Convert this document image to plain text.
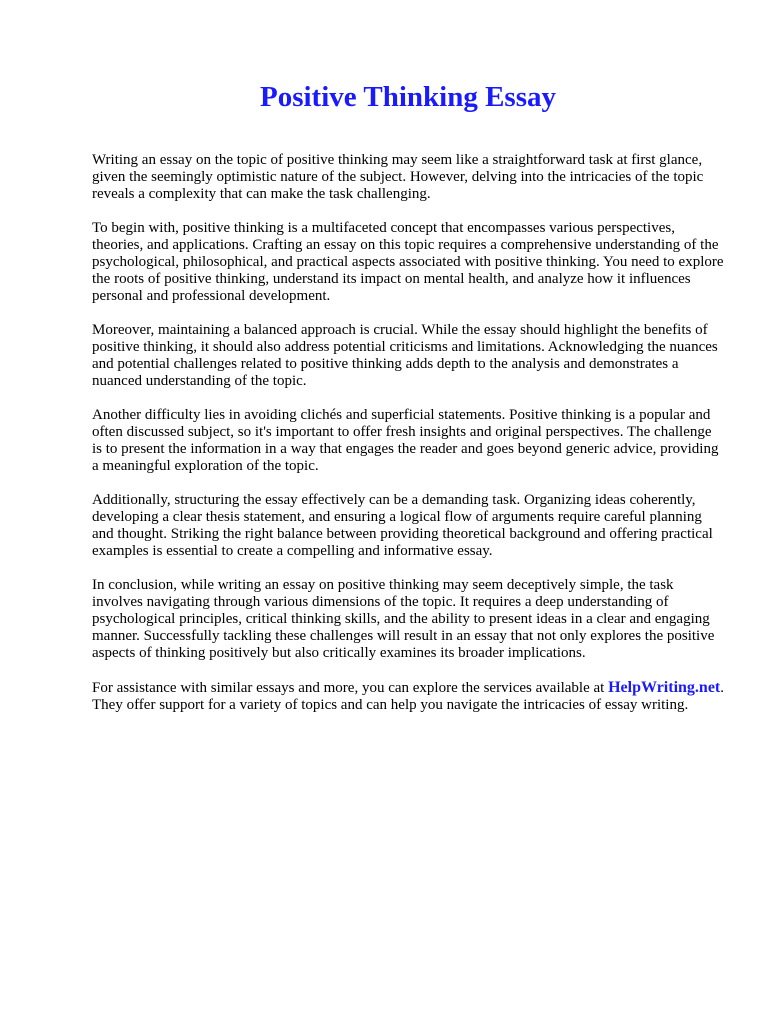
Positive Thinking Essay

Writing an essay on the topic of positive thinking may seem like a straightforward task at first glance, given the seemingly optimistic nature of the subject. However, delving into the intricacies of the topic reveals a complexity that can make the task challenging.

To begin with, positive thinking is a multifaceted concept that encompasses various perspectives, theories, and applications. Crafting an essay on this topic requires a comprehensive understanding of the psychological, philosophical, and practical aspects associated with positive thinking. You need to explore the roots of positive thinking, understand its impact on mental health, and analyze how it influences personal and professional development.

Moreover, maintaining a balanced approach is crucial. While the essay should highlight the benefits of positive thinking, it should also address potential criticisms and limitations. Acknowledging the nuances and potential challenges related to positive thinking adds depth to the analysis and demonstrates a nuanced understanding of the topic.

Another difficulty lies in avoiding clichés and superficial statements. Positive thinking is a popular and often discussed subject, so it's important to offer fresh insights and original perspectives. The challenge is to present the information in a way that engages the reader and goes beyond generic advice, providing a meaningful exploration of the topic.

Additionally, structuring the essay effectively can be a demanding task. Organizing ideas coherently, developing a clear thesis statement, and ensuring a logical flow of arguments require careful planning and thought. Striking the right balance between providing theoretical background and offering practical examples is essential to create a compelling and informative essay.

In conclusion, while writing an essay on positive thinking may seem deceptively simple, the task involves navigating through various dimensions of the topic. It requires a deep understanding of psychological principles, critical thinking skills, and the ability to present ideas in a clear and engaging manner. Successfully tackling these challenges will result in an essay that not only explores the positive aspects of thinking positively but also critically examines its broader implications.

For assistance with similar essays and more, you can explore the services available at HelpWriting.net. They offer support for a variety of topics and can help you navigate the intricacies of essay writing.
